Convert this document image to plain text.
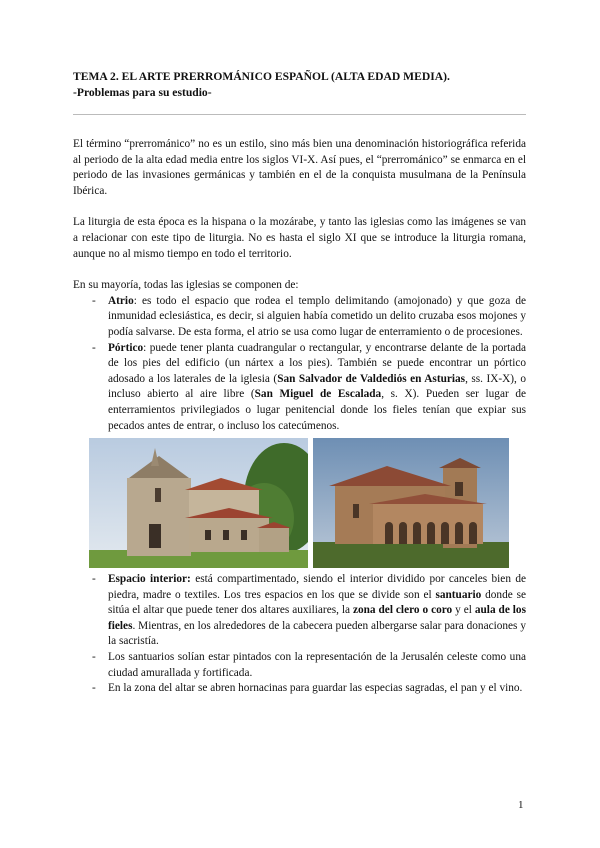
TEMA 2. EL ARTE PRERROMÁNICO ESPAÑOL (ALTA EDAD MEDIA).
-Problemas para su estudio-

El término “prerrománico” no es un estilo, sino más bien una denominación historiográfica referida al periodo de la alta edad media entre los siglos VI-X. Así pues, el “prerrománico” se enmarca en el periodo de las invasiones germánicas y también en el de la conquista musulmana de la Península Ibérica.

La liturgia de esta época es la hispana o la mozárabe, y tanto las iglesias como las imágenes se van a relacionar con este tipo de liturgia. No es hasta el siglo XI que se introduce la liturgia romana, aunque no al mismo tiempo en todo el territorio.

En su mayoría, todas las iglesias se componen de:
- Atrio: es todo el espacio que rodea el templo delimitando (amojonado) y que goza de inmunidad eclesiástica, es decir, si alguien había cometido un delito cruzaba esos mojones y podía salvarse. De esta forma, el atrio se usa como lugar de enterramiento o de procesiones.
- Pórtico: puede tener planta cuadrangular o rectangular, y encontrarse delante de la portada de los pies del edificio (un nártex a los pies). También se puede encontrar un pórtico adosado a los laterales de la iglesia (San Salvador de Valdediós en Asturias, ss. IX-X), o incluso abierto al aire libre (San Miguel de Escalada, s. X). Pueden ser lugar de enterramientos privilegiados o lugar penitencial donde los fieles tenían que expiar sus pecados antes de entrar, o incluso los catecúmenos.
- Espacio interior: está compartimentado, siendo el interior dividido por canceles bien de piedra, madre o textiles. Los tres espacios en los que se divide son el santuario donde se sitúa el altar que puede tener dos altares auxiliares, la zona del clero o coro y el aula de los fieles. Mientras, en los alrededores de la cabecera pueden albergarse salar para donaciones y la sacristía.
- Los santuarios solían estar pintados con la representación de la Jerusalén celeste como una ciudad amurallada y fortificada.
- En la zona del altar se abren hornacinas para guardar las especias sagradas, el pan y el vino.
1
